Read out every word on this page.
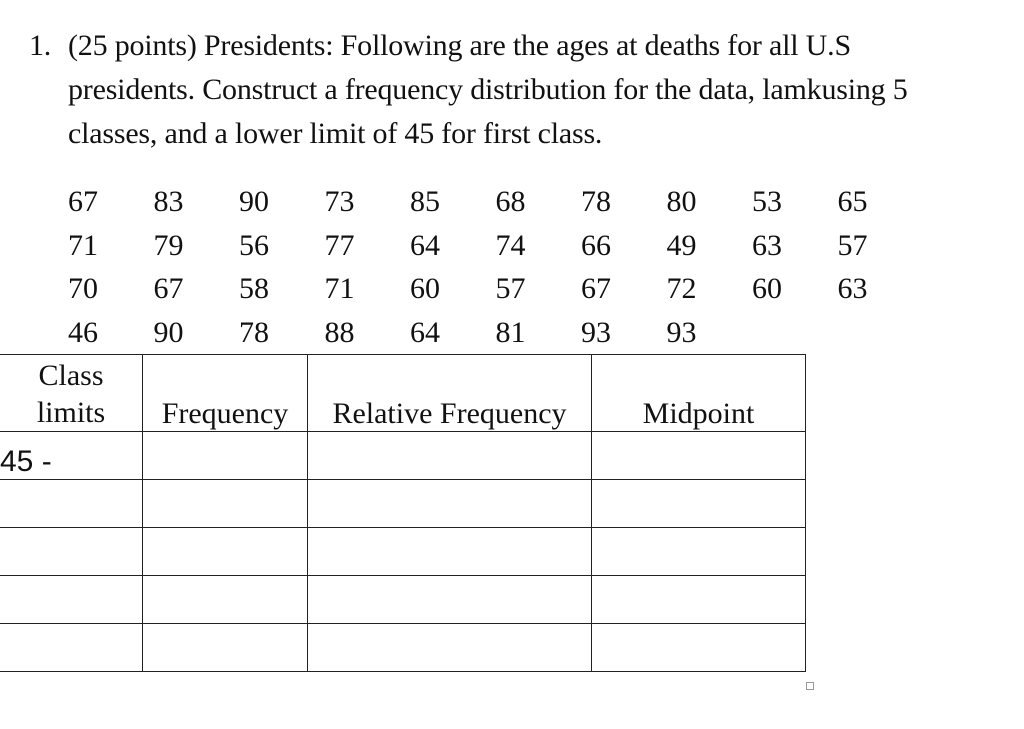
1. (25 points) Presidents: Following are the ages at deaths for all U.S
presidents. Construct a frequency distribution for the data, lamkusing 5
classes, and a lower limit of 45 for first class.
67	83	90	73	85	68	78	80	53	65
71	79	56	77	64	74	66	49	63	57
70	67	58	71	60	57	67	72	60	63
46	90	78	88	64	81	93	93
Class
limits	Frequency	Relative Frequency	Midpoint
45 -			
